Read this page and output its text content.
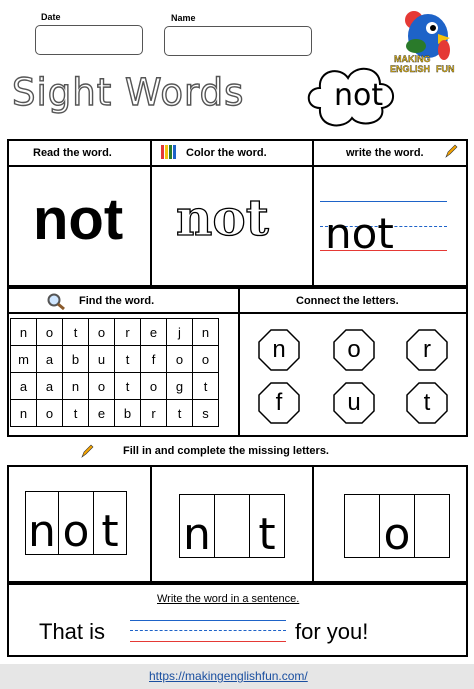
Date	Name
Sight Words	not
MAKING
ENGLISH FUN
Read the word.
not
Color the word.
not
write the word.
not
Find the word.
n	o	t	o	r	e	j	n
m	a	b	u	t	f	o	o
a	a	n	o	t	o	g	t
n	o	t	e	b	r	t	s
Connect the letters.
n	o	r
f	u	t
Fill in and complete the missing letters.
n o t n t o
Write the word in a sentence.
That is	for you!
https://makingenglishfun.com/
